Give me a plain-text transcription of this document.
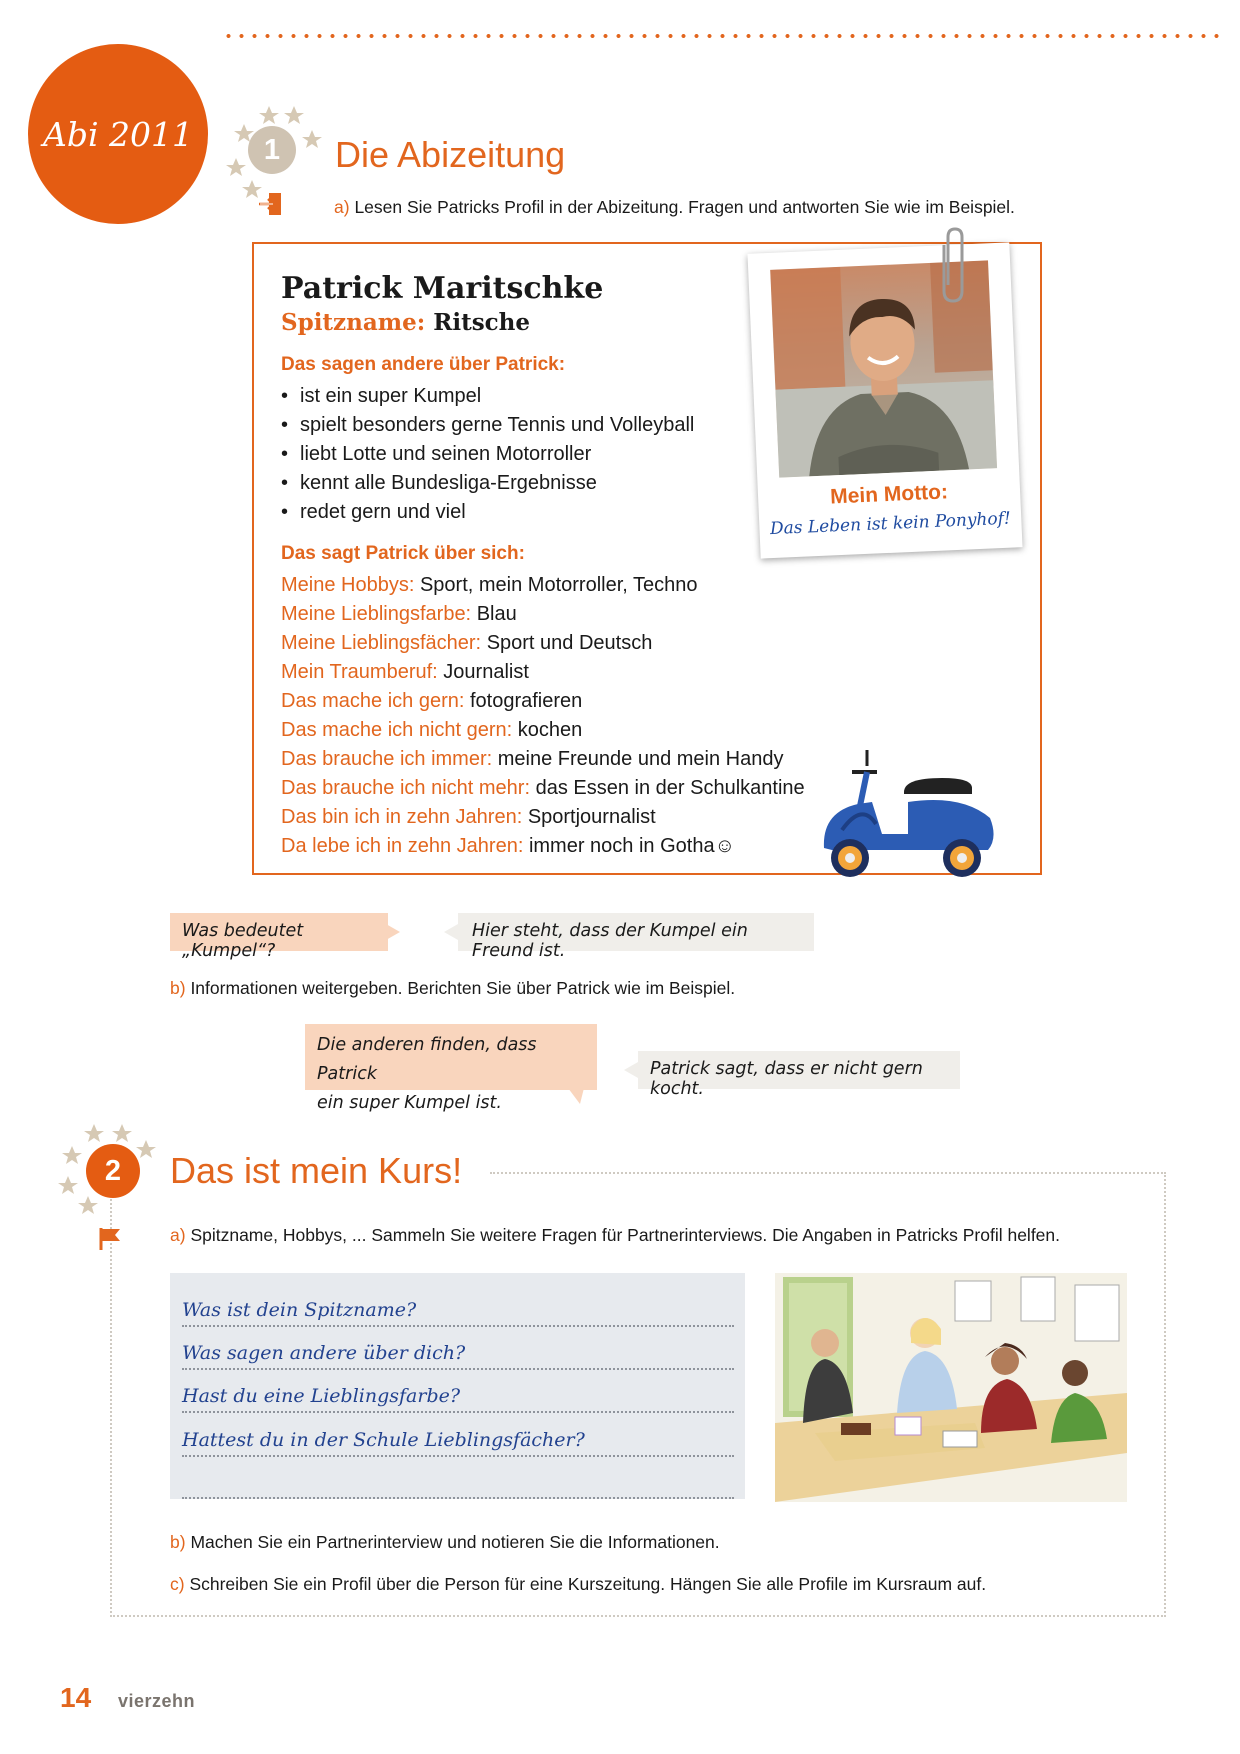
Abi 2011 1 Die Abizeitung
a) Lesen Sie Patricks Profil in der Abizeitung. Fragen und antworten Sie wie im Beispiel.
Patrick Maritschke
Spitzname: Ritsche
Das sagen andere über Patrick:
• ist ein super Kumpel
• spielt besonders gerne Tennis und Volleyball
• liebt Lotte und seinen Motorroller
• kennt alle Bundesliga-Ergebnisse
• redet gern und viel
Das sagt Patrick über sich:
Meine Hobbys: Sport, mein Motorroller, Techno
Meine Lieblingsfarbe: Blau
Meine Lieblingsfächer: Sport und Deutsch
Mein Traumberuf: Journalist
Das mache ich gern: fotografieren
Das mache ich nicht gern: kochen
Das brauche ich immer: meine Freunde und mein Handy
Das brauche ich nicht mehr: das Essen in der Schulkantine
Das bin ich in zehn Jahren: Sportjournalist
Da lebe ich in zehn Jahren: immer noch in Gotha☺
Mein Motto:
Das Leben ist kein Ponyhof!
Was bedeutet „Kumpel“?
Hier steht, dass der Kumpel ein Freund ist.
b) Informationen weitergeben. Berichten Sie über Patrick wie im Beispiel.
Die anderen finden, dass Patrick
ein super Kumpel ist.
Patrick sagt, dass er nicht gern kocht.
2 Das ist mein Kurs!
a) Spitzname, Hobbys, ... Sammeln Sie weitere Fragen für Partnerinterviews. Die Angaben in Patricks Profil helfen.
Was ist dein Spitzname?
Was sagen andere über dich?
Hast du eine Lieblingsfarbe?
Hattest du in der Schule Lieblingsfächer?
b) Machen Sie ein Partnerinterview und notieren Sie die Informationen.
c) Schreiben Sie ein Profil über die Person für eine Kurszeitung. Hängen Sie alle Profile im Kursraum auf.
14 vierzehn
